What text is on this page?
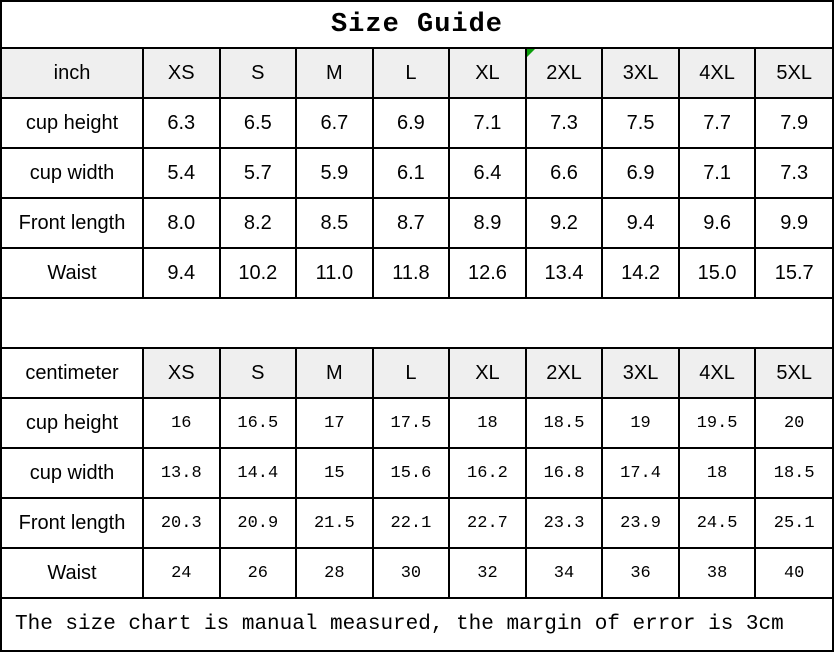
Size Guide
inch	XS	S	M	L	XL	2XL	3XL	4XL	5XL
cup height	6.3	6.5	6.7	6.9	7.1	7.3	7.5	7.7	7.9
cup width	5.4	5.7	5.9	6.1	6.4	6.6	6.9	7.1	7.3
Front length	8.0	8.2	8.5	8.7	8.9	9.2	9.4	9.6	9.9
Waist	9.4	10.2	11.0	11.8	12.6	13.4	14.2	15.0	15.7
centimeter	XS	S	M	L	XL	2XL	3XL	4XL	5XL
cup height	16	16.5	17	17.5	18	18.5	19	19.5	20
cup width	13.8	14.4	15	15.6	16.2	16.8	17.4	18	18.5
Front length	20.3	20.9	21.5	22.1	22.7	23.3	23.9	24.5	25.1
Waist	24	26	28	30	32	34	36	38	40
The size chart is manual measured, the margin of error is 3cm
